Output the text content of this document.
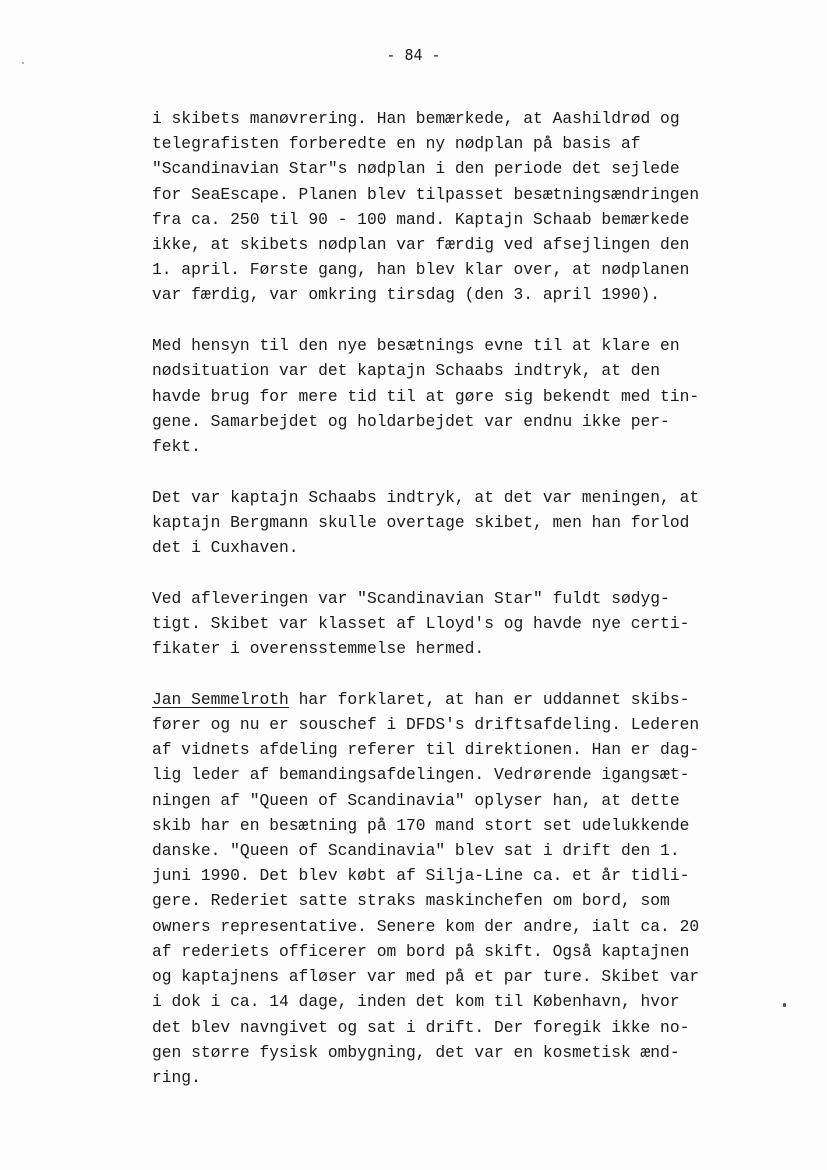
- 84 -
i skibets manøvrering. Han bemærkede, at Aashildrød og
telegrafisten forberedte en ny nødplan på basis af
"Scandinavian Star"s nødplan i den periode det sejlede
for SeaEscape. Planen blev tilpasset besætningsændringen
fra ca. 250 til 90 - 100 mand. Kaptajn Schaab bemærkede
ikke, at skibets nødplan var færdig ved afsejlingen den
1. april. Første gang, han blev klar over, at nødplanen
var færdig, var omkring tirsdag (den 3. april 1990).
Med hensyn til den nye besætnings evne til at klare en
nødsituation var det kaptajn Schaabs indtryk, at den
havde brug for mere tid til at gøre sig bekendt med tin-
gene. Samarbejdet og holdarbejdet var endnu ikke per-
fekt.
Det var kaptajn Schaabs indtryk, at det var meningen, at
kaptajn Bergmann skulle overtage skibet, men han forlod
det i Cuxhaven.
Ved afleveringen var "Scandinavian Star" fuldt sødyg-
tigt. Skibet var klasset af Lloyd's og havde nye certi-
fikater i overensstemmelse hermed.
Jan Semmelroth har forklaret, at han er uddannet skibs-
fører og nu er souschef i DFDS's driftsafdeling. Lederen
af vidnets afdeling referer til direktionen. Han er dag-
lig leder af bemandingsafdelingen. Vedrørende igangsæt-
ningen af "Queen of Scandinavia" oplyser han, at dette
skib har en besætning på 170 mand stort set udelukkende
danske. "Queen of Scandinavia" blev sat i drift den 1.
juni 1990. Det blev købt af Silja-Line ca. et år tidli-
gere. Rederiet satte straks maskinchefen om bord, som
owners representative. Senere kom der andre, ialt ca. 20
af rederiets officerer om bord på skift. Også kaptajnen
og kaptajnens afløser var med på et par ture. Skibet var
i dok i ca. 14 dage, inden det kom til København, hvor
det blev navngivet og sat i drift. Der foregik ikke no-
gen større fysisk ombygning, det var en kosmetisk ænd-
ring.
